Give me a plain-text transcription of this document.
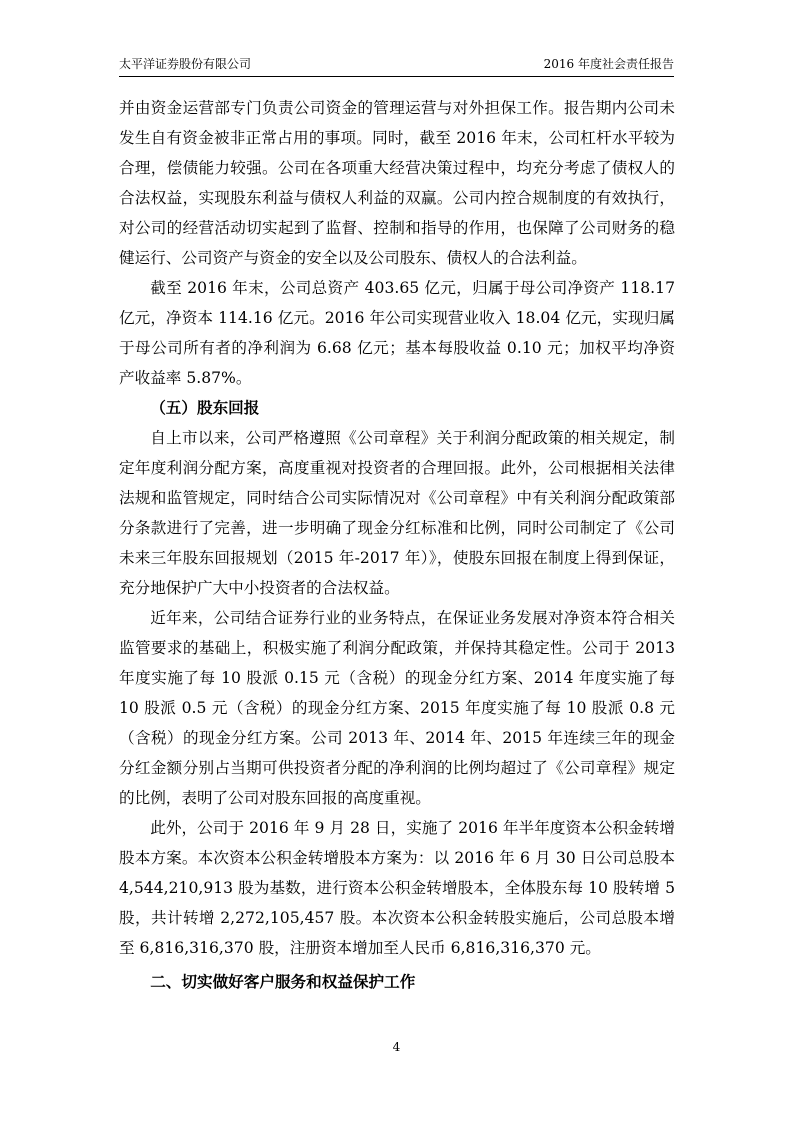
太平洋证券股份有限公司	2016 年度社会责任报告

并由资金运营部专门负责公司资金的管理运营与对外担保工作。报告期内公司未发生自有资金被非正常占用的事项。同时，截至 2016 年末，公司杠杆水平较为合理，偿债能力较强。公司在各项重大经营决策过程中，均充分考虑了债权人的合法权益，实现股东利益与债权人利益的双赢。公司内控合规制度的有效执行，对公司的经营活动切实起到了监督、控制和指导的作用，也保障了公司财务的稳健运行、公司资产与资金的安全以及公司股东、债权人的合法利益。

截至 2016 年末，公司总资产 403.65 亿元，归属于母公司净资产 118.17 亿元，净资本 114.16 亿元。2016 年公司实现营业收入 18.04 亿元，实现归属于母公司所有者的净利润为 6.68 亿元；基本每股收益 0.10 元；加权平均净资产收益率 5.87%。

（五）股东回报

自上市以来，公司严格遵照《公司章程》关于利润分配政策的相关规定，制定年度利润分配方案，高度重视对投资者的合理回报。此外，公司根据相关法律法规和监管规定，同时结合公司实际情况对《公司章程》中有关利润分配政策部 分条款进行了完善，进一步明确了现金分红标准和比例，同时公司制定了《公司未来三年股东回报规划（2015 年-2017 年）》，使股东回报在制度上得到保证，充分地保护广大中小投资者的合法权益。

近年来，公司结合证券行业的业务特点，在保证业务发展对净资本符合相关监管要求的基础上，积极实施了利润分配政策，并保持其稳定性。公司于 2013 年度实施了每 10 股派 0.15 元（含税）的现金分红方案、2014 年度实施了每 10 股派 0.5 元（含税）的现金分红方案、2015 年度实施了每 10 股派 0.8 元（含税）的现金分红方案。公司 2013 年、2014 年、2015 年连续三年的现金分红金额分别占当期可供投资者分配的净利润的比例均超过了《公司章程》规定的比例，表明了公司对股东回报的高度重视。

此外，公司于 2016 年 9 月 28 日，实施了 2016 年半年度资本公积金转增股本方案。本次资本公积金转增股本方案为：以 2016 年 6 月 30 日公司总股本 4,544,210,913 股为基数，进行资本公积金转增股本，全体股东每 10 股转增 5 股，共计转增 2,272,105,457 股。本次资本公积金转股实施后，公司总股本增至 6,816,316,370 股，注册资本增加至人民币 6,816,316,370 元。

二、切实做好客户服务和权益保护工作

4
